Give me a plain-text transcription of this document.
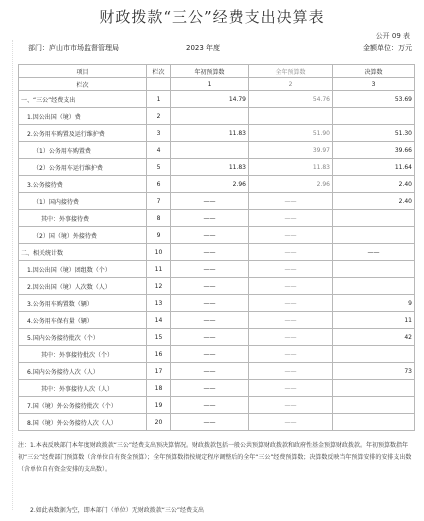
财政拨款“三公”经费支出决算表
公开 09 表
部门：庐山市市场监督管理局	2023 年度	金额单位：万元
项目	栏次	年初预算数	全年预算数	决算数
栏次		1	2	3
一、“三公”经费支出	1	14.79	54.76	53.69
1.因公出国（境）费	2			
2.公务用车购置及运行维护费	3	11.83	51.90	51.30
（1）公务用车购置费	4		39.97	39.66
（2）公务用车运行维护费	5	11.83	11.83	11.64
3.公务接待费	6	2.96	2.96	2.40
（1）国内接待费	7	——	——	2.40
其中：外事接待费	8	——	——	
（2）国（境）外接待费	9	——	——	
二、相关统计数	10	——	——	——
1.因公出国（境）团组数（个）	11	——	——	
2.因公出国（境）人次数（人）	12	——	——	
3.公务用车购置数（辆）	13	——	——	9
4.公务用车保有量（辆）	14	——	——	11
5.国内公务接待批次（个）	15	——	——	42
其中：外事接待批次（个）	16	——	——	
6.国内公务接待人次（人）	17	——	——	73
其中：外事接待人次（人）	18	——	——	
7.国（境）外公务接待批次（个）	19	——	——	
8.国（境）外公务接待人次（人）	20	——	——	
注：1.本表反映部门本年度财政拨款“三公”经费支出预决算情况。财政拨款包括一般公共预算财政拨款和政府性基金预算财政拨款。年初预算数指年初“三公”经费部门预算数（含单位自有资金预算）；全年预算数指按规定程序调整后的全年“三公”经费预算数；决算数反映当年预算安排的安排支出数（含单位自有资金安排的支出数）。
2.如此表数据为空，即本部门（单位）无财政拨款“三公”经费支出
